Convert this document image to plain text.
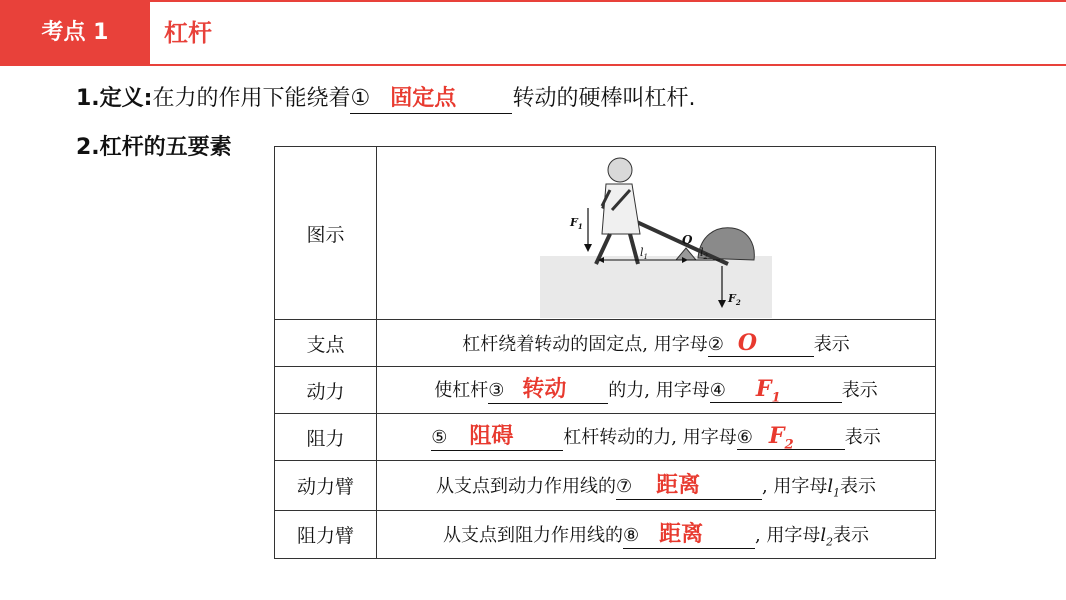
考点 1	杠杆
1.定义:在力的作用下能绕着① 固定点	转动的硬棒叫杠杆.
2.杠杆的五要素
图示	$F_1$
$l_1$
O
$l_2$
$F_2$

支点	杠杆绕着转动的固定点, 用字母② O 表示
动力	使杠杆③ 转动 的力, 用字母④ $F_1$ 表示
阻力	⑤ 阻碍 杠杆转动的力, 用字母⑥ $F_2$ 表示
动力臂	从支点到动力作用线的⑦ 距离 , 用字母$l_1$表示
阻力臂	从支点到阻力作用线的⑧ 距离 , 用字母$l_2$表示
